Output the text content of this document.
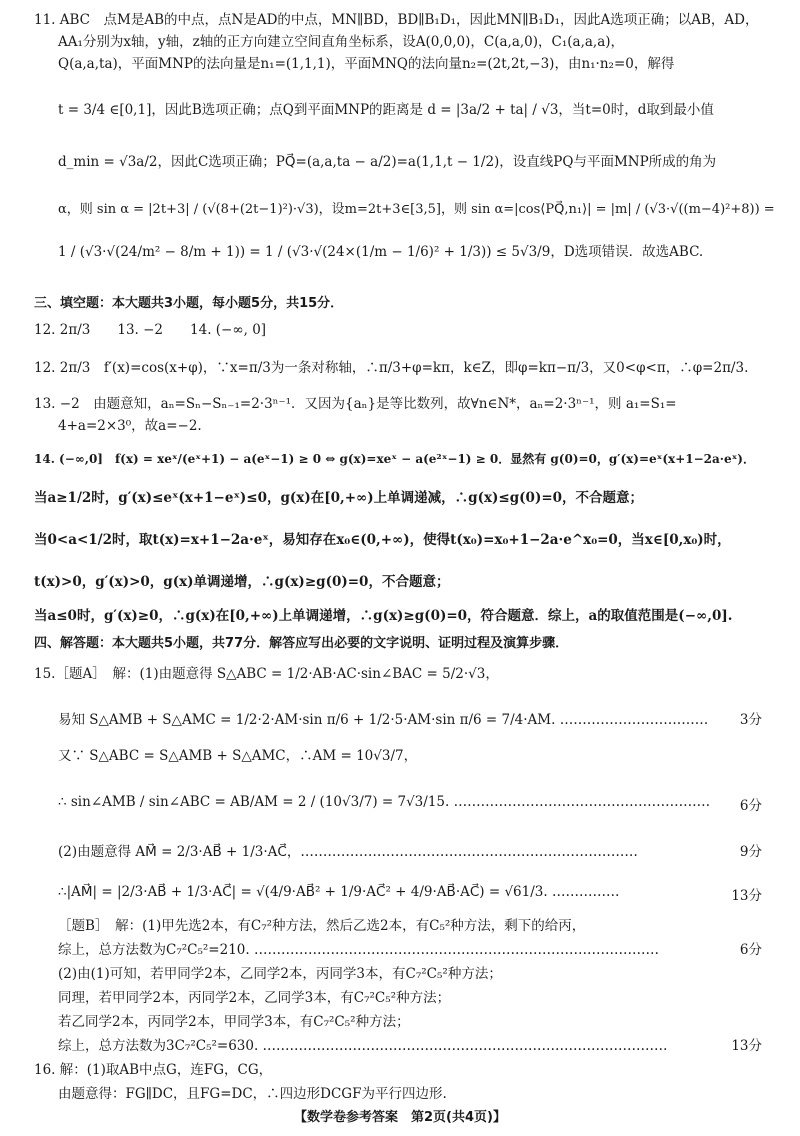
11. ABC　点M是AB的中点，点N是AD的中点，MN∥BD，BD∥B₁D₁，因此MN∥B₁D₁，因此A选项正确；以AB，AD，
AA₁分别为x轴，y轴，z轴的正方向建立空间直角坐标系，设A(0,0,0)，C(a,a,0)，C₁(a,a,a)，
Q(a,a,ta)，平面MNP的法向量是n₁=(1,1,1)，平面MNQ的法向量n₂=(2t,2t,−3)，由n₁·n₂=0，解得
t = 3/4 ∈[0,1]，因此B选项正确；点Q到平面MNP的距离是 d = |3a/2 + ta| / √3，当t=0时，d取到最小值
d_min = √3a/2，因此C选项正确；PQ⃗=(a,a,ta − a/2)=a(1,1,t − 1/2)，设直线PQ与平面MNP所成的角为
α，则 sin α = |2t+3| / (√(8+(2t−1)²)·√3)，设m=2t+3∈[3,5]，则 sin α=|cos⟨PQ⃗,n₁⟩| = |m| / (√3·√((m−4)²+8)) =
1 / (√3·√(24/m² − 8/m + 1)) = 1 / (√3·√(24×(1/m − 1/6)² + 1/3)) ≤ 5√3/9，D选项错误．故选ABC.
三、填空题：本大题共3小题，每小题5分，共15分．
12. 2π/3　　13. −2　　14. (−∞, 0]
12. 2π/3　f′(x)=cos(x+φ)，∵x=π/3为一条对称轴，∴π/3+φ=kπ，k∈Z，即φ=kπ−π/3，又0<φ<π，∴φ=2π/3.
13. −2　由题意知，aₙ=Sₙ−Sₙ₋₁=2·3ⁿ⁻¹．又因为{aₙ}是等比数列，故∀n∈N*，aₙ=2·3ⁿ⁻¹，则 a₁=S₁=
4+a=2×3⁰，故a=−2.
14. (−∞,0]　f(x) = xeˣ/(eˣ+1) − a(eˣ−1) ≥ 0 ⇔ g(x)=xeˣ − a(e²ˣ−1) ≥ 0．显然有 g(0)=0，g′(x)=eˣ(x+1−2a·eˣ)．
当a≥1/2时，g′(x)≤eˣ(x+1−eˣ)≤0，g(x)在[0,+∞)上单调递减，∴g(x)≤g(0)=0，不合题意；
当0<a<1/2时，取t(x)=x+1−2a·eˣ，易知存在x₀∈(0,+∞)，使得t(x₀)=x₀+1−2a·e^x₀=0，当x∈[0,x₀)时，
t(x)>0，g′(x)>0，g(x)单调递增，∴g(x)≥g(0)=0，不合题意；
当a≤0时，g′(x)≥0，∴g(x)在[0,+∞)上单调递增，∴g(x)≥g(0)=0，符合题意．综上，a的取值范围是(−∞,0].
四、解答题：本大题共5小题，共77分．解答应写出必要的文字说明、证明过程及演算步骤．
15.［题A］　解：(1)由题意得 S△ABC = 1/2·AB·AC·sin∠BAC = 5/2·√3，
易知 S△AMB + S△AMC = 1/2·2·AM·sin π/6 + 1/2·5·AM·sin π/6 = 7/4·AM. …………………………… 3分
又∵ S△ABC = S△AMB + S△AMC，∴AM = 10√3/7，
∴ sin∠AMB / sin∠ABC = AB/AM = 2 / (10√3/7) = 7√3/15. ………………………………………………… 6分
(2)由题意得 AM⃗ = 2/3·AB⃗ + 1/3·AC⃗，…………………………………………………………………	9分
∴|AM⃗| = |2/3·AB⃗ + 1/3·AC⃗| = √(4/9·AB⃗² + 1/9·AC⃗² + 4/9·AB⃗·AC⃗) = √61/3. ……………	13分
［题B］　解：(1)甲先选2本，有C₇²种方法，然后乙选2本，有C₅²种方法，剩下的给丙，
综上，总方法数为C₇²C₅²=210. ………………………………………………………………………………	6分
(2)由(1)可知，若甲同学2本，乙同学2本，丙同学3本，有C₇²C₅²种方法；
同理，若甲同学2本，丙同学2本，乙同学3本，有C₇²C₅²种方法；
若乙同学2本，丙同学2本，甲同学3本，有C₇²C₅²种方法；
综上，总方法数为3C₇²C₅²=630. ………………………………………………………………………………	13分
16. 解：(1)取AB中点G，连FG，CG，
由题意得：FG∥DC，且FG=DC，∴四边形DCGF为平行四边形.
【数学卷参考答案　第2页(共4页)】
